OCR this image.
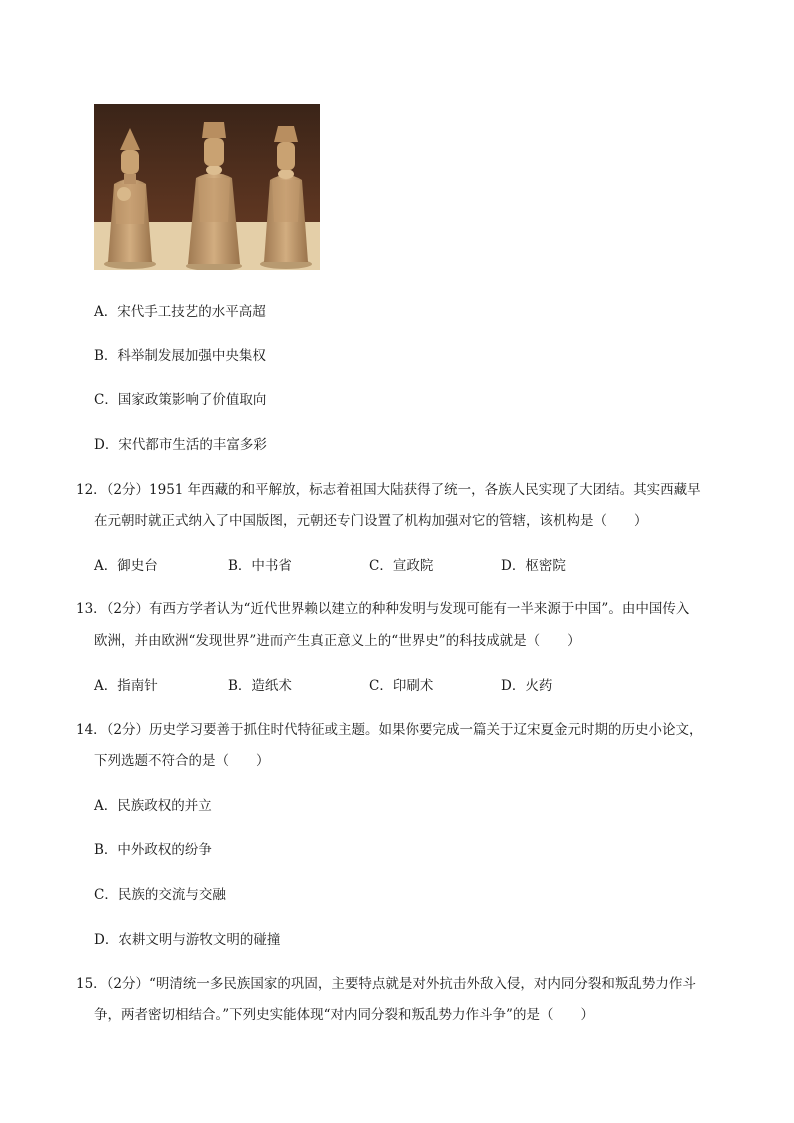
A．宋代手工技艺的水平高超
B．科举制发展加强中央集权
C．国家政策影响了价值取向
D．宋代都市生活的丰富多彩
12．（2分）1951 年西藏的和平解放，标志着祖国大陆获得了统一，各族人民实现了大团结。其实西藏早
在元朝时就正式纳入了中国版图，元朝还专门设置了机构加强对它的管辖，该机构是（　　）
A．御史台	B．中书省	C．宣政院	D．枢密院
13．（2分）有西方学者认为“近代世界赖以建立的种种发明与发现可能有一半来源于中国”。由中国传入
欧洲，并由欧洲“发现世界”进而产生真正意义上的“世界史”的科技成就是（　　）
A．指南针	B．造纸术	C．印刷术	D．火药
14．（2分）历史学习要善于抓住时代特征或主题。如果你要完成一篇关于辽宋夏金元时期的历史小论文，
下列选题不符合的是（　　）
A．民族政权的并立
B．中外政权的纷争
C．民族的交流与交融
D．农耕文明与游牧文明的碰撞
15．（2分）“明清统一多民族国家的巩固，主要特点就是对外抗击外敌入侵，对内同分裂和叛乱势力作斗
争，两者密切相结合。”下列史实能体现“对内同分裂和叛乱势力作斗争”的是（　　）
